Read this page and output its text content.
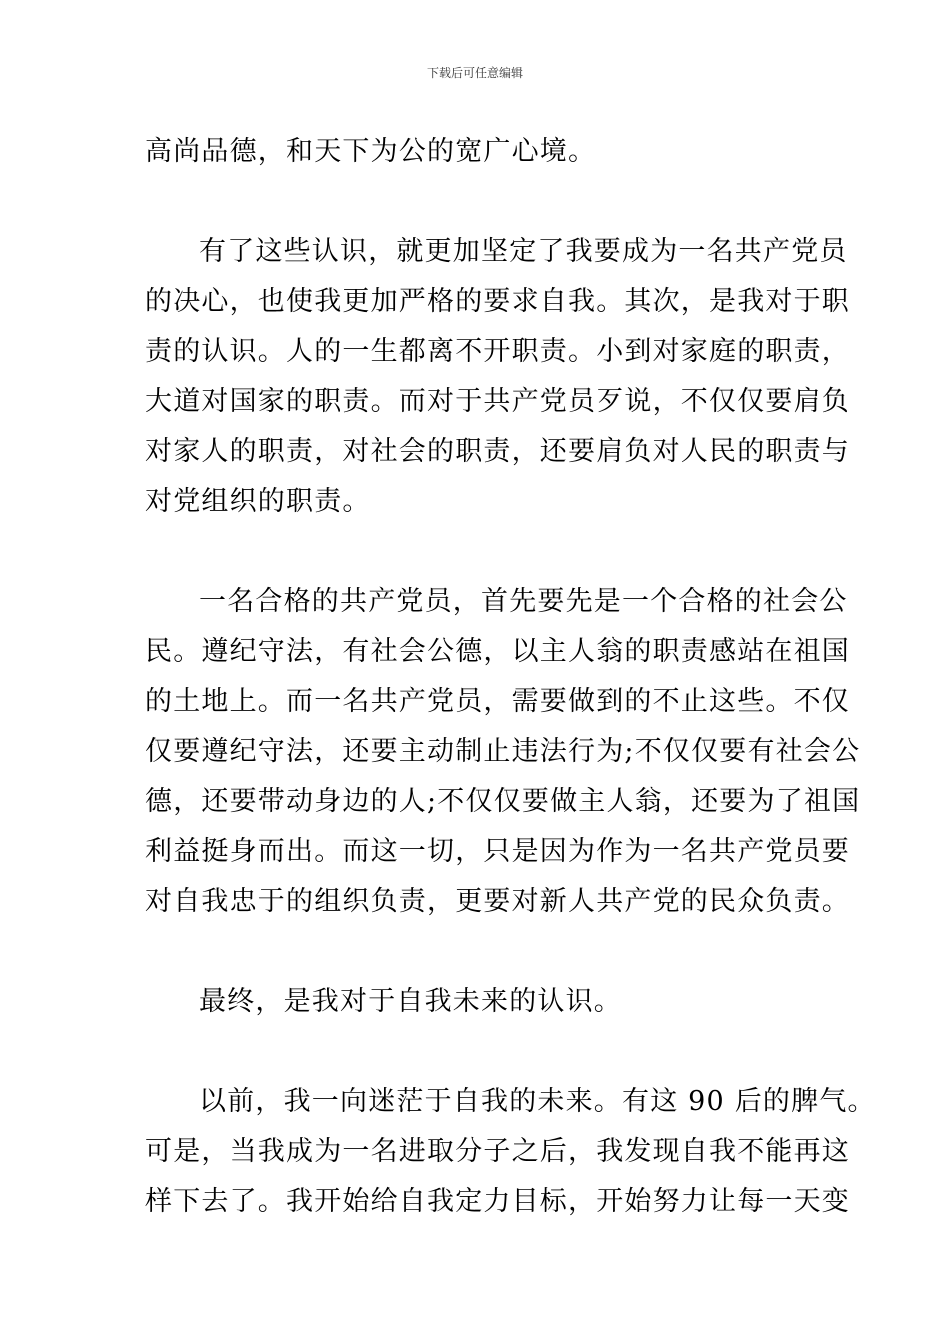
下载后可任意编辑
高尚品德，和天下为公的宽广心境。
有了这些认识，就更加坚定了我要成为一名共产党员
的决心，也使我更加严格的要求自我。其次，是我对于职
责的认识。人的一生都离不开职责。小到对家庭的职责，
大道对国家的职责。而对于共产党员歹说，不仅仅要肩负
对家人的职责，对社会的职责，还要肩负对人民的职责与
对党组织的职责。
一名合格的共产党员，首先要先是一个合格的社会公
民。遵纪守法，有社会公德，以主人翁的职责感站在祖国
的土地上。而一名共产党员，需要做到的不止这些。不仅
仅要遵纪守法，还要主动制止违法行为;不仅仅要有社会公
德，还要带动身边的人;不仅仅要做主人翁，还要为了祖国
利益挺身而出。而这一切，只是因为作为一名共产党员要
对自我忠于的组织负责，更要对新人共产党的民众负责。
最终，是我对于自我未来的认识。
以前，我一向迷茫于自我的未来。有这 90 后的脾气。
可是，当我成为一名进取分子之后，我发现自我不能再这
样下去了。我开始给自我定力目标，开始努力让每一天变
